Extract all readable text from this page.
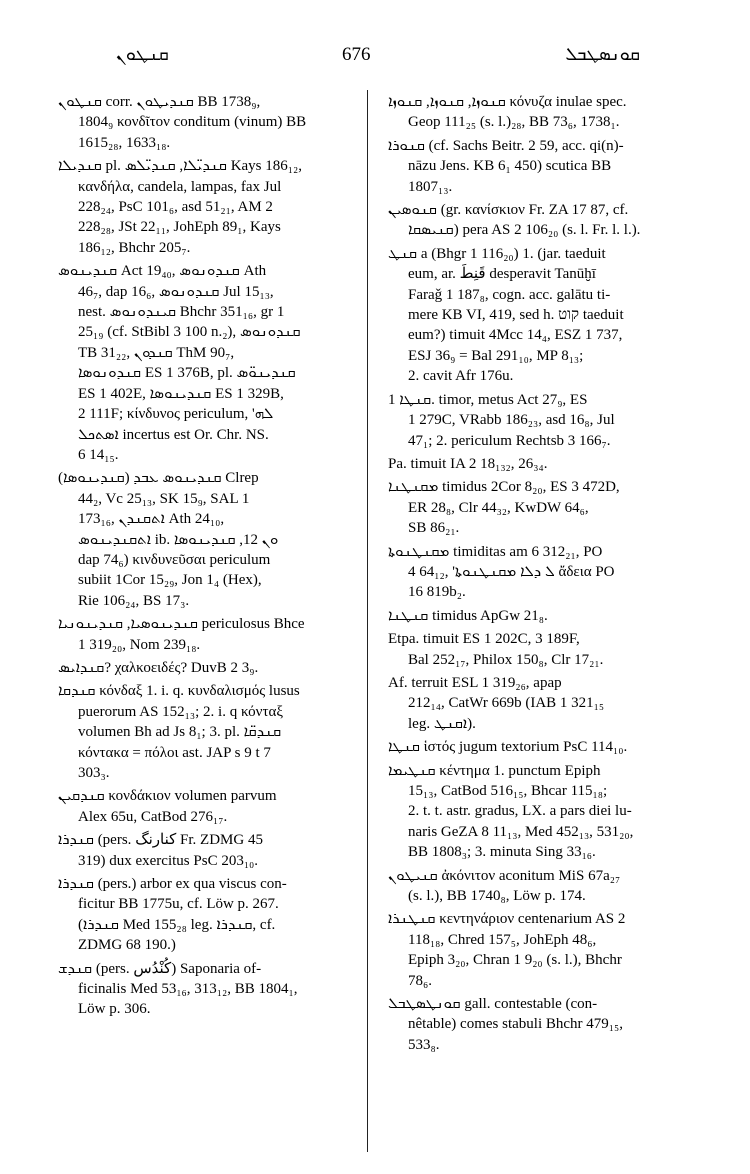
ܩܢܛܘܢ	676	ܩܘܢܣܛܒܠ
ܩܢܛܘܢ corr. ܩܢܕܝܛܘܢ BB 1738₉,
1804₉ κονδῖτον conditum (vinum) BB
1615₂₈, 1633₁₈.
ܩܢܕܝܠܐ pl. ܩܢܕܝ̈ܠܐ, ܩܢܕܝ̈ܠܣ Kays 186₁₂,
κανδήλα, candela, lampas, fax Jul
228₂₄, PsC 101₆, asd 51₂₁, AM 2
228₂₈, JSt 22₁₁, JohEph 89₁, Kays
186₁₂, Bhchr 205₇.
ܩܢܕܝܢܘܣ Act 19₄₀, ܩܢܕܘܢܘܣ Ath
46₇, dap 16₆, ܩܢܕܘܢܘܣ Jul 15₁₃,
nest. ܩܝܢܕܘܢܘܣ Bhchr 351₁₆, gr 1
25₁₉ (cf. StBibl 3 100 n.₂), ܩܢܕܘܢܘܣ
TB 31₂₂, ܩܢܕܘܢ ThM 90₇,
ܩܢܕܘܢܘܣܐ ES 1 376B, pl. ܩܢܕܝܢܘ̈ܣ
ES 1 402E, ܩܢܕܝܢܘܣܐ ES 1 329B,
2 111F; κίνδυνος periculum, 'ܠܗ
ܐܣܬܟܠ incertus est Or. Chr. NS.
6 14₁₅.
ܩܢܕܝܢܘܣ ܥܒܕ (ܩܢܕܝܢܘܣܐ) Clrep
44₂, Vc 25₁₃, SK 15₉, SAL 1
173₁₆, ܐܬܩܢܕܢ Ath 24₁₀,
ܐܬܩܢܕܝܢܘܣ ib. ܘܢ 12, ܩܢܕܝܢܘܣܐ
dap 74₆) κινδυνεῦσαι periculum
subiit 1Cor 15₂₉, Jon 1₄ (Hex),
Rie 106₂₄, BS 17₃.
ܩܢܕܝܢܘܣܝܐ, ܩܢܕܝܢܘܢܝܐ periculosus Bhce
1 319₂₀, Nom 239₁₈.
ܩܢܕܐܝܣ? χαλκοειδές? DuvB 2 3₉.
ܩܢܕܩܐ κόνδαξ 1. i. q. κυνδαλισμός lusus
puerorum AS 152₁₃; 2. i. q κόνταξ
volumen Bh ad Js 8₁; 3. pl. ܩܢܕܩ̈ܐ
κόντακα = πόλοι ast. JAP s 9 t 7
303₃.
ܩܢܕܩܝܢ κονδάκιον volumen parvum
Alex 65u, CatBod 276₁₇.
ܩܢܕܪܐ (pers. کنارنگ Fr. ZDMG 45
319) dux exercitus PsC 203₁₀.
ܩܢܕܪܐ (pers.) arbor ex qua viscus con-
ficitur BB 1775u, cf. Löw p. 267.
(ܩܢܕܪܐ Med 155₂₈ leg. ܩܢܕܪܐ, cf.
ZDMG 68 190.)
ܩܢܕܫ (pers. كُنْدُس) Saponaria of-
ficinalis Med 53₁₆, 313₁₂, BB 1804₁,
Löw p. 306.
ܩܢܘܙܐ, ܩܢܘܙܐ, ܩܢܘܙܐ κόνυζα inulae spec.
Geop 111₂₅ (s. l.)₂₈, BB 73₆, 1738₁.
ܩܢܘܪܐ (cf. Sachs Beitr. 2 59, acc. qi(n)-
nāzu Jens. KB 6₁ 450) scutica BB
1807₁₃.
ܩܢܘܣܝܢ (gr. κανίσκιον Fr. ZA 17 87, cf.
ܩܢܝܣܩܐ) pera AS 2 106₂₀ (s. l. Fr. l. l.).
ܩܢܛ a (Bhgr 1 116₂₀) 1. (jar. taeduit
eum, ar. قَنِطَ desperavit Tanūḫī
Faraǧ 1 187₈, cogn. acc. galātu ti-
mere KB VI, 419, sed h. קוט taeduit
eum?) timuit 4Mcc 14₄, ESZ 1 737,
ESJ 36₉ = Bal 291₁₀, MP 8₁₃;
2. cavit Afr 176u.
ܩܢܛܐ 1. timor, metus Act 27₉, ES
1 279C, VRabb 186₂₃, asd 16₈, Jul
47₁; 2. periculum Rechtsb 3 166₇.
Pa. timuit IA 2 18₁₃₂, 26₃₄.
ܡܩܢܛܢܐ timidus 2Cor 8₂₀, ES 3 472D,
ER 28₈, Clr 44₃₂, KwDW 64₆,
SB 86₂₁.
ܡܩܢܛܢܘܬܐ timiditas am 6 312₂₁, PO
4 64₁₂, 'ܠ ܕܠܐ ܡܩܢܛܢܘܬܐ ἄδεια PO
16 819b₂.
ܩܢܛܢܐ timidus ApGw 21₈.
Etpa. timuit ES 1 202C, 3 189F,
Bal 252₁₇, Philox 150₈, Clr 17₂₁.
Af. terruit ESL 1 319₂₆, apap
212₁₄, CatWr 669b (IAB 1 321₁₅
leg. ܐܩܢܛ).
ܩܢܛܐ ἱστός jugum textorium PsC 114₁₀.
ܩܢܛܝܡܐ κέντημα 1. punctum Epiph
15₁₃, CatBod 516₁₅, Bhcar 115₁₈;
2. t. t. astr. gradus, LX. a pars diei lu-
naris GeZA 8 11₁₃, Med 452₁₃, 531₂₀,
BB 1808₃; 3. minuta Sing 33₁₆.
ܩܢܝܛܘܢ ἀκόνιτον aconitum MiS 67a₂₇
(s. l.), BB 1740₈, Löw p. 174.
ܩܢܛܢܪܐ κεντηνάριον centenarium AS 2
118₁₈, Chred 157₅, JohEph 48₆,
Epiph 3₂₀, Chran 1 9₂₀ (s. l.), Bhchr
78₆.
ܩܘܢܛܣܛܒܠ gall. contestable (con-
nêtable) comes stabuli Bhchr 479₁₅,
533₈.
